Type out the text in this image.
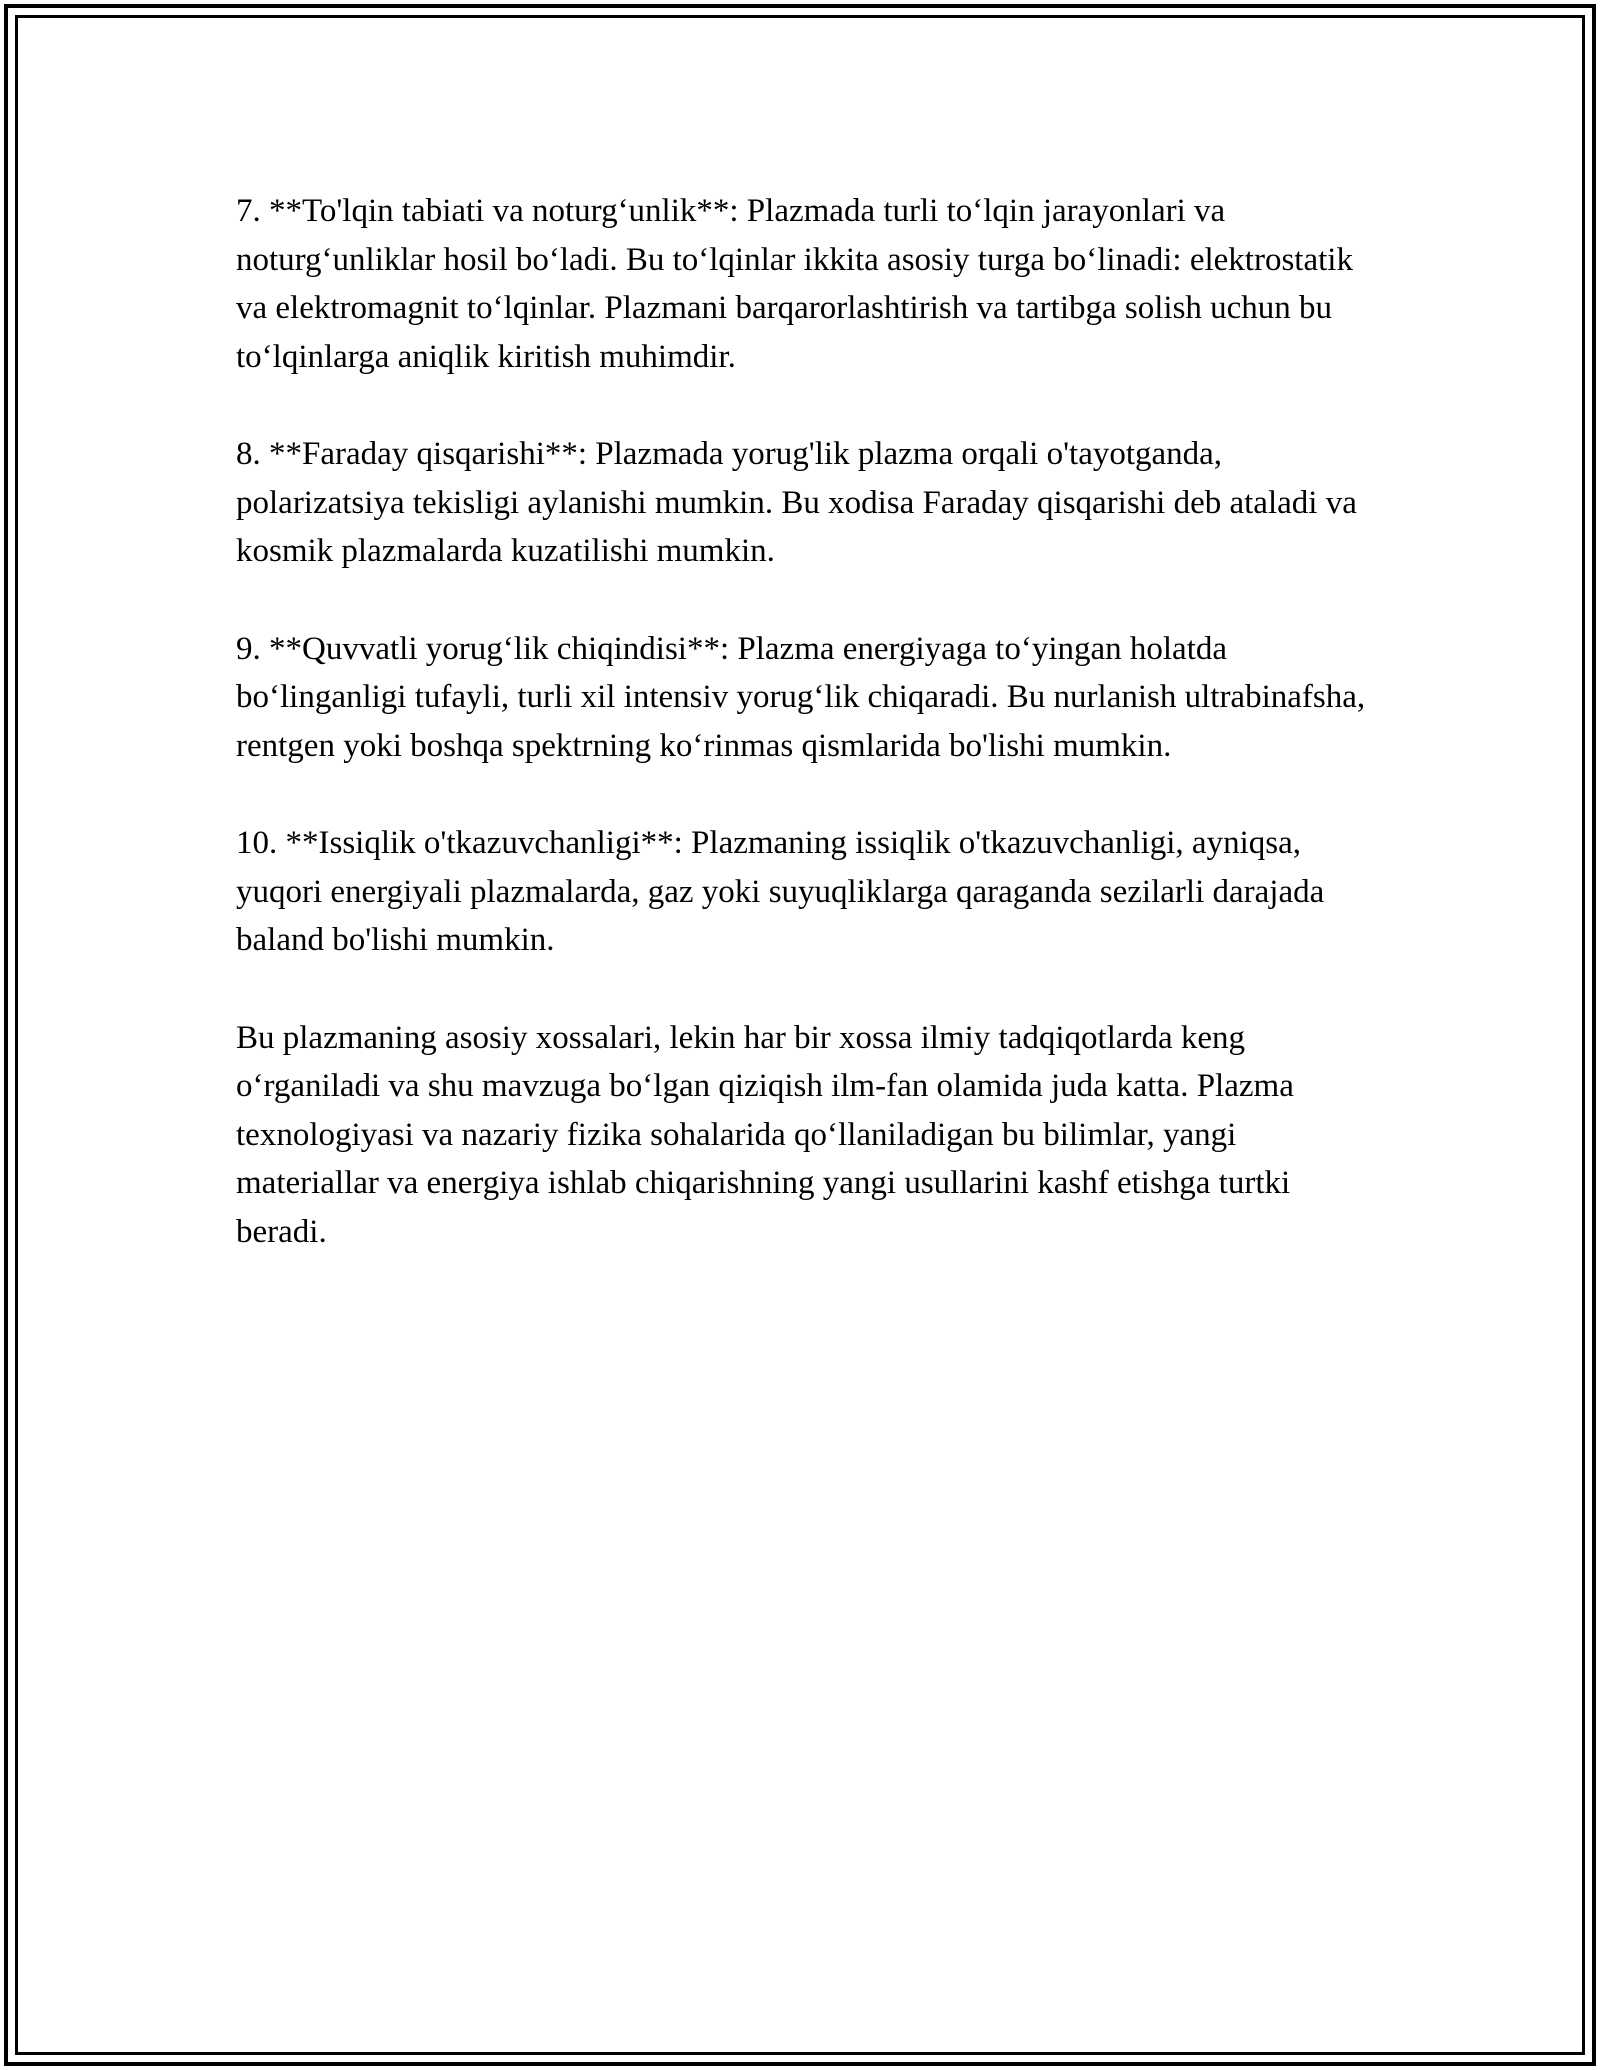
7. **To'lqin tabiati va noturg‘unlik**: Plazmada turli to‘lqin jarayonlari va noturg‘unliklar hosil bo‘ladi. Bu to‘lqinlar ikkita asosiy turga bo‘linadi: elektrostatik va elektromagnit to‘lqinlar. Plazmani barqarorlashtirish va tartibga solish uchun bu to‘lqinlarga aniqlik kiritish muhimdir.

8. **Faraday qisqarishi**: Plazmada yorug'lik plazma orqali o'tayotganda, polarizatsiya tekisligi aylanishi mumkin. Bu xodisa Faraday qisqarishi deb ataladi va kosmik plazmalarda kuzatilishi mumkin.

9. **Quvvatli yorug‘lik chiqindisi**: Plazma energiyaga to‘yingan holatda bo‘linganligi tufayli, turli xil intensiv yorug‘lik chiqaradi. Bu nurlanish ultrabinafsha, rentgen yoki boshqa spektrning ko‘rinmas qismlarida bo'lishi mumkin.

10. **Issiqlik o'tkazuvchanligi**: Plazmaning issiqlik o'tkazuvchanligi, ayniqsa, yuqori energiyali plazmalarda, gaz yoki suyuqliklarga qaraganda sezilarli darajada baland bo'lishi mumkin.

Bu plazmaning asosiy xossalari, lekin har bir xossa ilmiy tadqiqotlarda keng o‘rganiladi va shu mavzuga bo‘lgan qiziqish ilm-fan olamida juda katta. Plazma texnologiyasi va nazariy fizika sohalarida qo‘llaniladigan bu bilimlar, yangi materiallar va energiya ishlab chiqarishning yangi usullarini kashf etishga turtki beradi.
